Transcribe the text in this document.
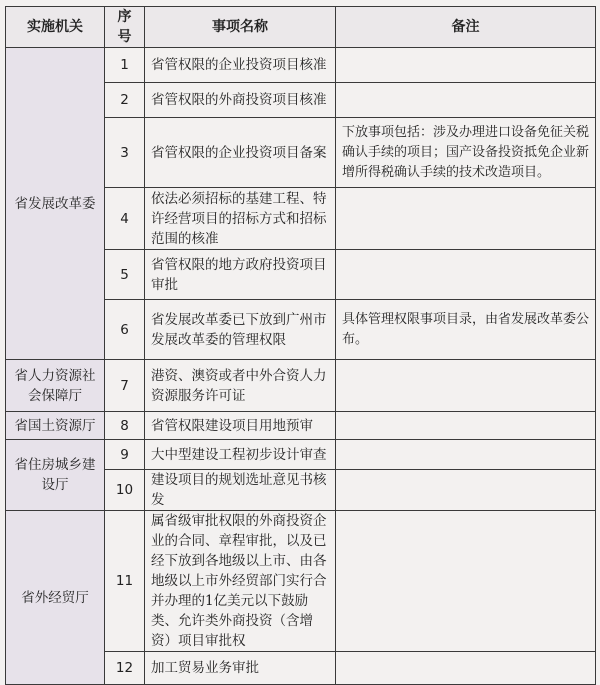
实施机关	序号	事项名称	备注
省发展改革委	1	省管权限的企业投资项目核准	
	2	省管权限的外商投资项目核准	
	3	省管权限的企业投资项目备案	下放事项包括：涉及办理进口设备免征关税确认手续的项目；国产设备投资抵免企业新增所得税确认手续的技术改造项目。
	4	依法必须招标的基建工程、特许经营项目的招标方式和招标范围的核准	
	5	省管权限的地方政府投资项目审批	
	6	省发展改革委已下放到广州市发展改革委的管理权限	具体管理权限事项目录，由省发展改革委公布。
省人力资源社会保障厅	7	港资、澳资或者中外合资人力资源服务许可证	
省国土资源厅	8	省管权限建设项目用地预审	
省住房城乡建设厅	9	大中型建设工程初步设计审查	
	10	建设项目的规划选址意见书核发	
省外经贸厅	11	属省级审批权限的外商投资企业的合同、章程审批，以及已经下放到各地级以上市、由各地级以上市外经贸部门实行合并办理的1亿美元以下鼓励类、允许类外商投资（含增资）项目审批权	
	12	加工贸易业务审批	
